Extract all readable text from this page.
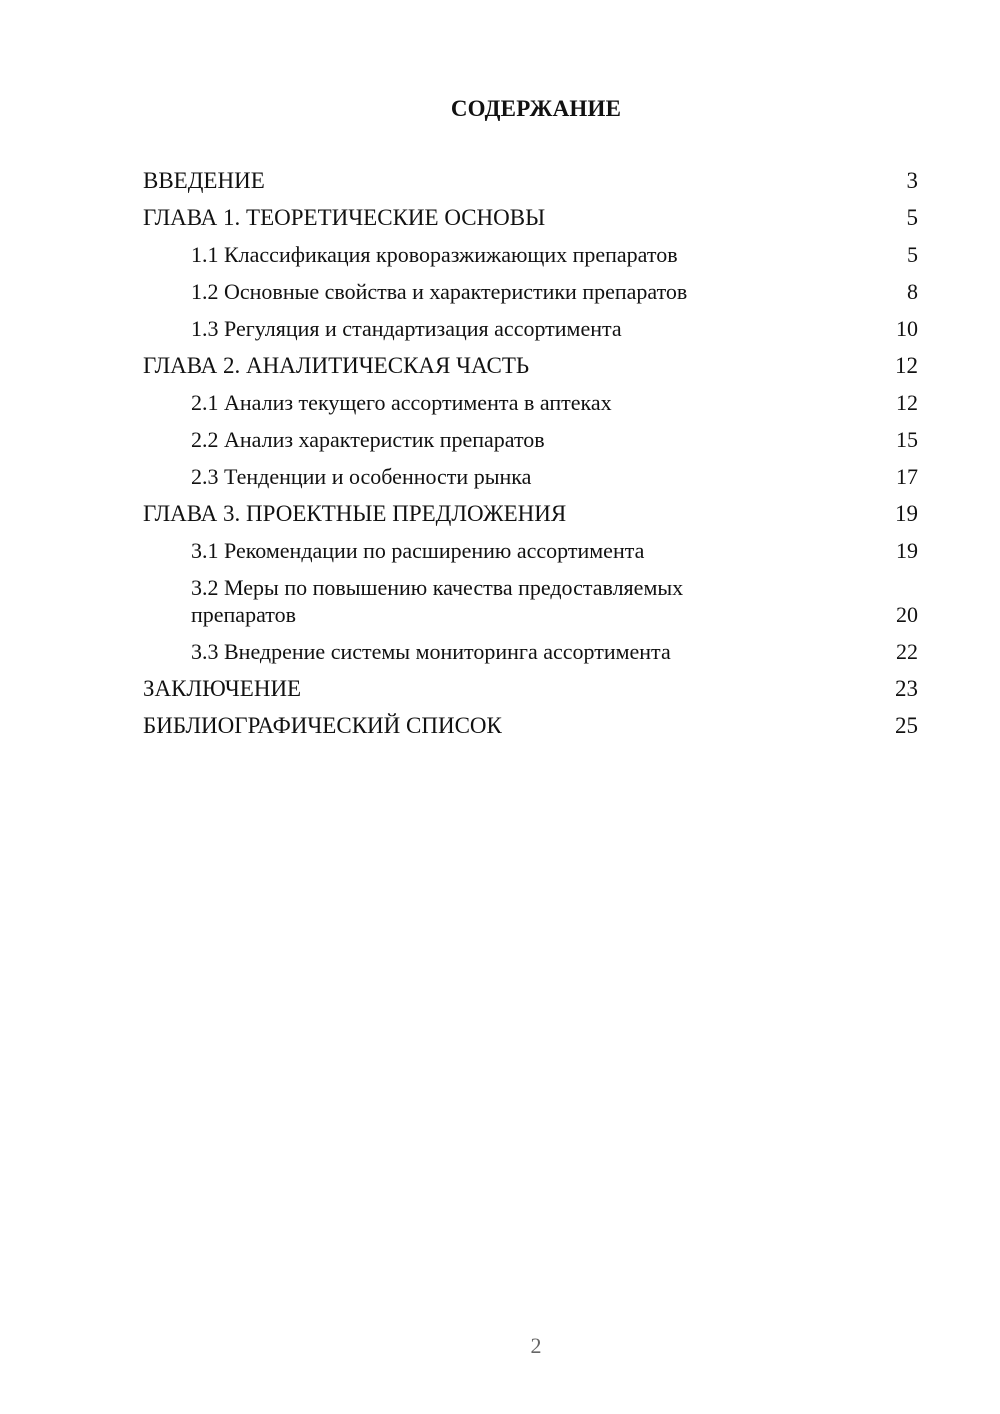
СОДЕРЖАНИЕ
ВВЕДЕНИЕ	3
ГЛАВА 1. ТЕОРЕТИЧЕСКИЕ ОСНОВЫ	5
1.1 Классификация кроворазжижающих препаратов	5
1.2 Основные свойства и характеристики препаратов	8
1.3 Регуляция и стандартизация ассортимента	10
ГЛАВА 2. АНАЛИТИЧЕСКАЯ ЧАСТЬ	12
2.1 Анализ текущего ассортимента в аптеках	12
2.2 Анализ характеристик препаратов	15
2.3 Тенденции и особенности рынка	17
ГЛАВА 3. ПРОЕКТНЫЕ ПРЕДЛОЖЕНИЯ	19
3.1 Рекомендации по расширению ассортимента	19
3.2 Меры по повышению качества предоставляемых препаратов	20
3.3 Внедрение системы мониторинга ассортимента	22
ЗАКЛЮЧЕНИЕ	23
БИБЛИОГРАФИЧЕСКИЙ СПИСОК	25
2
